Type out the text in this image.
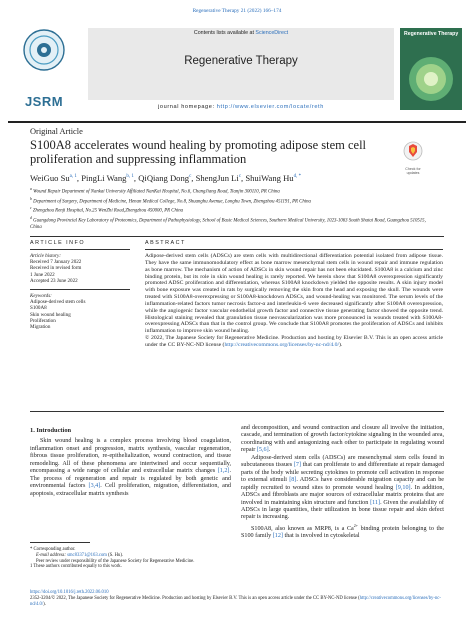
Regenerative Therapy 21 (2022) 166–174
JSRM
Contents lists available at ScienceDirect
Regenerative Therapy
journal homepage: http://www.elsevier.com/locate/reth
Regenerative Therapy
Original Article
S100A8 accelerates wound healing by promoting adipose stem cell proliferation and suppressing inflammation
Check for updates
WeiGuo Su$^{a, 1}$, PingLi Wang$^{b, 1}$, QiQiang Dong$^c$, ShengJun Li$^c$, ShuiWang $Hu^{d, *}$
$^a$ Wound Repair Department of Nankai University Affiliated NanKai Hospital, No.6, ChangJiang Road, Tianjin 300110, PR China
$^b$ Department of Surgery, Department of Medicine, Henan Medical College, No.8, Shuanghu Avenue, Longhu Town, Zhengzhou 451191, PR China
$^c$ Zhengzhou Renji Hospital, No.25 WenZhi Road,Zhengzhou 450000, PR China
$^d$ Guangdong Provincial Key Laboratory of Proteomics, Department of Pathophysiology, School of Basic Medical Sciences, Southern Medical University, 1023-1063 South Shatai Road, Guangzhou 510515, China
ARTICLE INFO	ABSTRACT
Article history:
Received 7 January 2022
Received in revised form
1 June 2022
Accepted 23 June 2022
Keywords:
Adipose-derived stem cells
S100A8
Skin wound healing
Proliferation
Migration
Adipose-derived stem cells (ADSCs) are stem cells with multidirectional differentiation potential isolated from adipose tissue. They have the same immunomodulatory effect as bone marrow mesenchymal stem cells in wound repair and immune regulation as bone marrow. The mechanism of action of ADSCs in skin wound repair has not been elucidated. S100A8 is a calcium and zinc binding protein, but its role in skin wound healing is rarely reported. We herein show that S100A8 overexpression significantly promoted ADSC proliferation and differentiation, whereas S100A8 knockdown yielded the opposite results. A skin injury model with bone exposure was created in rats by surgically removing the skin from the head and exposing the skull. The wounds were treated with S100A8-overexpressing or S100A8-knockdown ADSCs, and wound-healing was monitored. The serum levels of the inflammation-related factors tumor necrosis factor-α and interleukin-6 were decreased significantly after S100A8 overexpression, while the angiogenic factor vascular endothelial growth factor and connective tissue generating factor showed the opposite trend. Histological staining revealed that granulation tissue neovascularization was more pronounced in wounds treated with S100A8-overexpressing ADSCs than that in the control group. We conclude that S100A8 promotes the proliferation of ADSCs and inhibits inflammation to improve skin wound healing.
© 2022, The Japanese Society for Regenerative Medicine. Production and hosting by Elsevier B.V. This is an open access article under the CC BY-NC-ND license (http://creativecommons.org/licenses/by-nc-nd/4.0/).
1. Introduction

Skin wound healing is a complex process involving blood coagulation, inflammation onset and progression, matrix synthesis, vascular regeneration, fibrous tissue proliferation, re-epithelialization, wound contraction, and tissue remodeling. All of these phenomena are intertwined and occur sequentially, encompassing a wide range of cellular and extracellular matrix changes [1,2]. The process of regeneration and repair is regulated by both genetic and environmental factors [3,4]. Cell proliferation, migration, differentiation, and apoptosis, extracellular matrix synthesis

and decomposition, and wound contraction and closure all involve the initiation, cascade, and termination of growth factor/cytokine signaling in the wounded area, coordinating with and antagonizing each other to participate in regulating wound repair [5,6].

Adipose-derived stem cells (ADSCs) are mesenchymal stem cells found in subcutaneous tissues [7] that can proliferate to and differentiate at repair damaged parts of the body while secreting cytokines to promote cell activation in response to external stimuli [8]. ADSCs have considerable migration capacity and can be rapidly recruited to wound sites to promote wound healing [9,10]. In addition, ADSCs and fibroblasts are major sources of extracellular matrix proteins that are involved in maintaining skin structure and function [11]. Given the availability of ADSCs in large quantities, their utilization in bone tissue repair and skin defect repair is increasing.

S100A8, also known as MRP8, is a $Ca^{2+}$ binding protein belonging to the S100 family [12] that is involved in cytoskeletal

* Corresponding author.
E-mail address: smc83371@163.com (S. Hu).
Peer review under responsibility of the Japanese Society for Regenerative Medicine.
1 These authors contributed equally to this work.
https://doi.org/10.1016/j.reth.2022.06.010
2352-3204/© 2022, The Japanese Society for Regenerative Medicine. Production and hosting by Elsevier B.V. This is an open access article under the CC BY-NC-ND license (http://creativecommons.org/licenses/by-nc-nd/4.0/).
